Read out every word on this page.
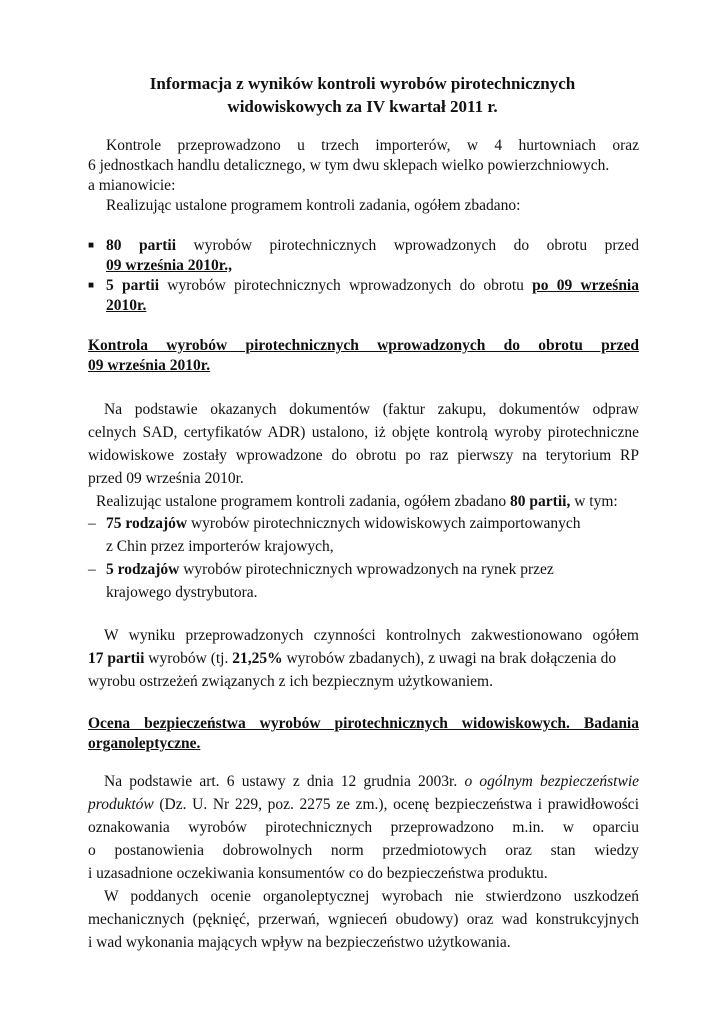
Informacja z wyników kontroli wyrobów pirotechnicznych
widowiskowych za IV kwartał 2011 r.
Kontrole przeprowadzono u trzech importerów, w 4 hurtowniach oraz
6 jednostkach handlu detalicznego, w tym dwu sklepach wielko powierzchniowych.
a mianowicie:
Realizując ustalone programem kontroli zadania, ogółem zbadano:
■ 80 partii wyrobów pirotechnicznych wprowadzonych do obrotu przed
09 września 2010r.,
■ 5 partii wyrobów pirotechnicznych wprowadzonych do obrotu po 09 września
2010r.
Kontrola wyrobów pirotechnicznych wprowadzonych do obrotu przed
09 września 2010r.
Na podstawie okazanych dokumentów (faktur zakupu, dokumentów odpraw
celnych SAD, certyfikatów ADR) ustalono, iż objęte kontrolą wyroby pirotechniczne
widowiskowe zostały wprowadzone do obrotu po raz pierwszy na terytorium RP
przed 09 września 2010r.
Realizując ustalone programem kontroli zadania, ogółem zbadano 80 partii, w tym:
– 75 rodzajów wyrobów pirotechnicznych widowiskowych zaimportowanych
z Chin przez importerów krajowych,
– 5 rodzajów wyrobów pirotechnicznych wprowadzonych na rynek przez
krajowego dystrybutora.
W wyniku przeprowadzonych czynności kontrolnych zakwestionowano ogółem
17 partii wyrobów (tj. 21,25% wyrobów zbadanych), z uwagi na brak dołączenia do
wyrobu ostrzeżeń związanych z ich bezpiecznym użytkowaniem.
Ocena bezpieczeństwa wyrobów pirotechnicznych widowiskowych. Badania
organoleptyczne.
Na podstawie art. 6 ustawy z dnia 12 grudnia 2003r. o ogólnym bezpieczeństwie
produktów (Dz. U. Nr 229, poz. 2275 ze zm.), ocenę bezpieczeństwa i prawidłowości
oznakowania wyrobów pirotechnicznych przeprowadzono m.in. w oparciu
o postanowienia dobrowolnych norm przedmiotowych oraz stan wiedzy
i uzasadnione oczekiwania konsumentów co do bezpieczeństwa produktu.
W poddanych ocenie organoleptycznej wyrobach nie stwierdzono uszkodzeń
mechanicznych (pęknięć, przerwań, wgnieceń obudowy) oraz wad konstrukcyjnych
i wad wykonania mających wpływ na bezpieczeństwo użytkowania.
